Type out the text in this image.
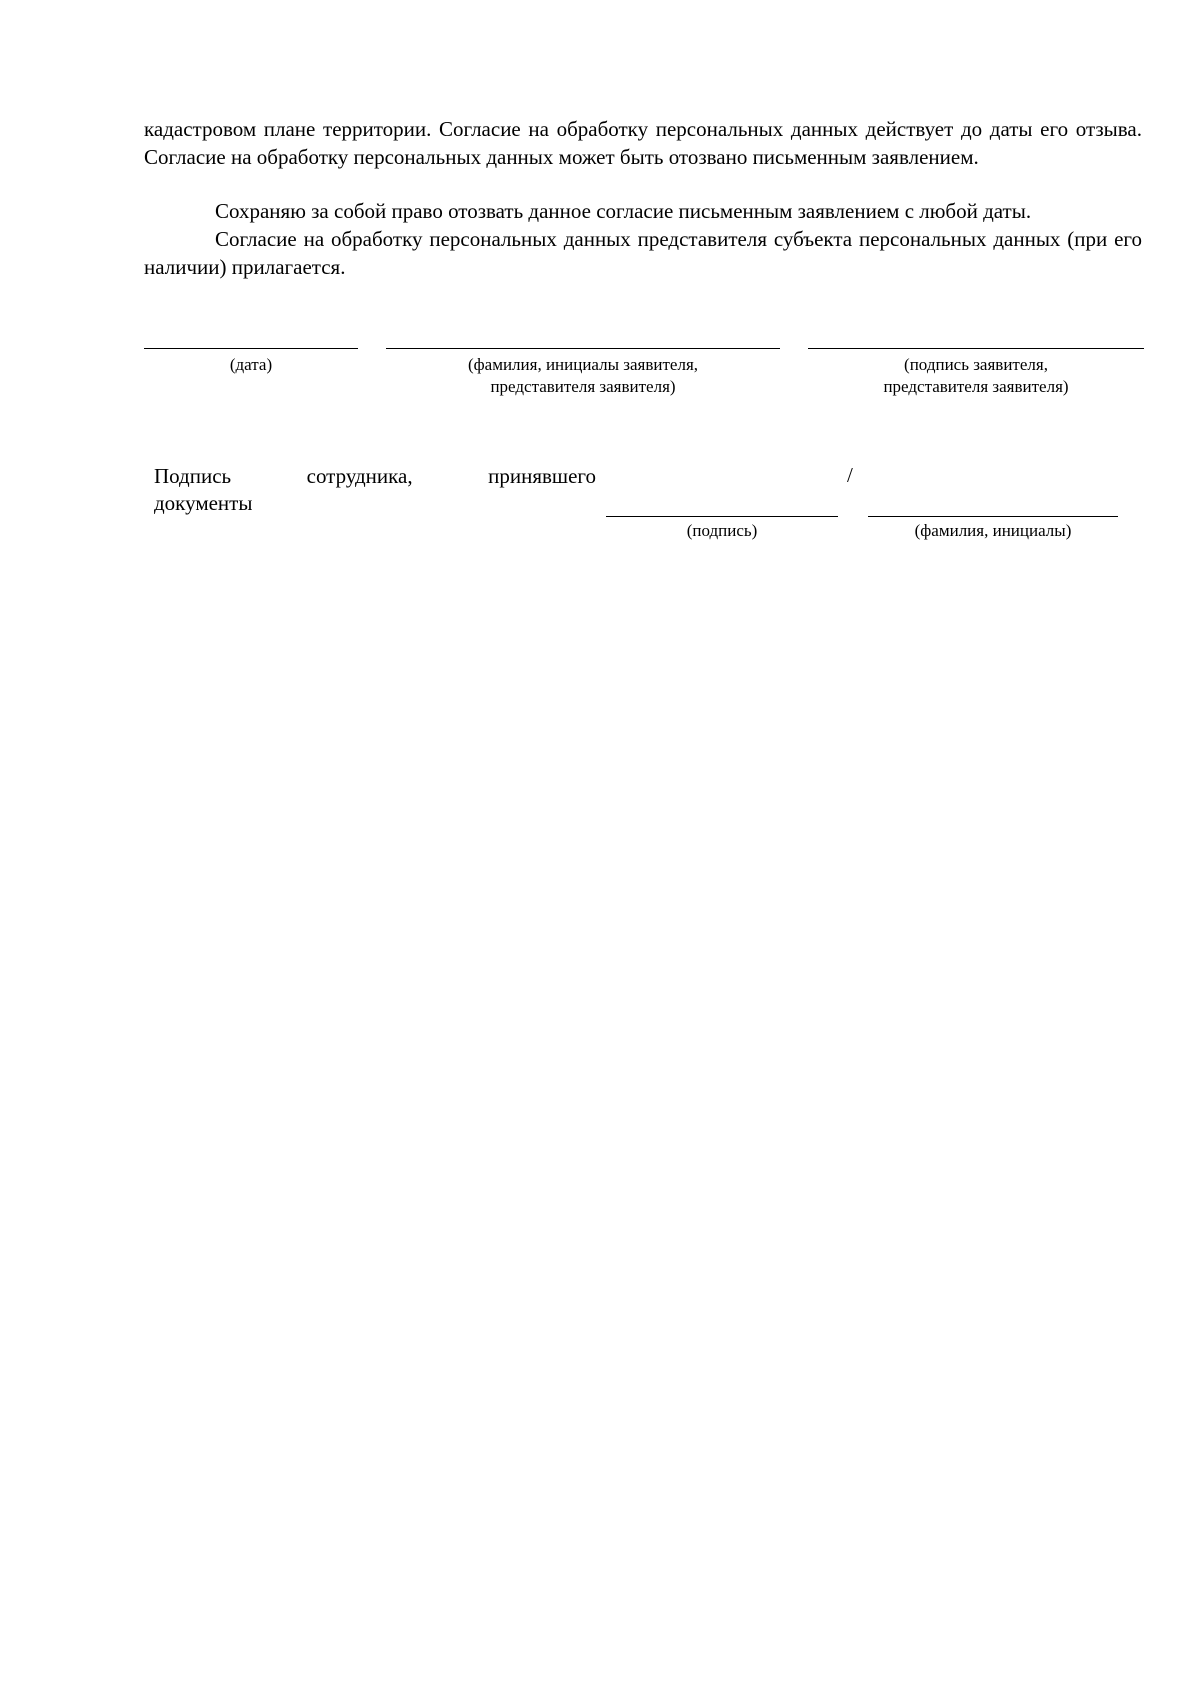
кадастровом плане территории. Согласие на обработку персональных данных действует до даты его отзыва. Согласие на обработку персональных данных может быть отозвано письменным заявлением.

Сохраняю за собой право отозвать данное согласие письменным заявлением с любой даты.

Согласие на обработку персональных данных представителя субъекта персональных данных (при его наличии) прилагается.

(дата)	(фамилия, инициалы заявителя,
представителя заявителя)
(подпись заявителя,
представителя заявителя)

Подпись сотрудника, принявшего

документы

/

(подпись)	(фамилия, инициалы)
